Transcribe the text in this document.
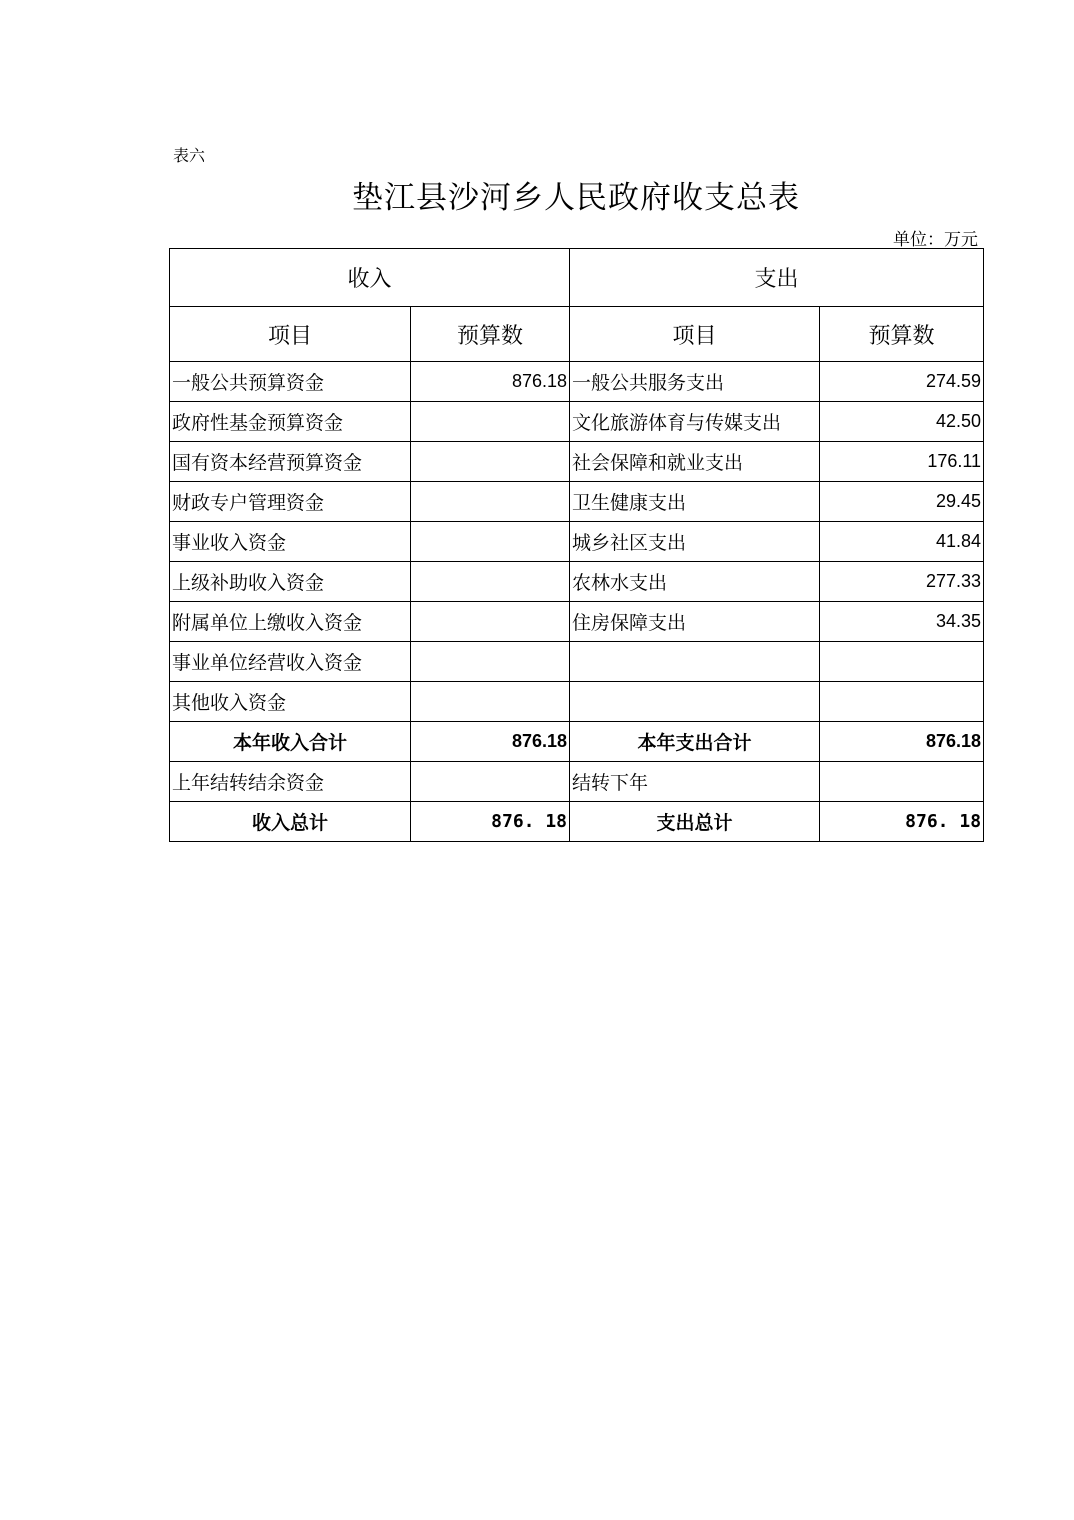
表六
垫江县沙河乡人民政府收支总表
单位：万元
收入		支出	
项目	预算数	项目	预算数
一般公共预算资金	876.18	一般公共服务支出	274.59
政府性基金预算资金		文化旅游体育与传媒支出	42.50
国有资本经营预算资金		社会保障和就业支出	176.11
财政专户管理资金		卫生健康支出	29.45
事业收入资金		城乡社区支出	41.84
上级补助收入资金		农林水支出	277.33
附属单位上缴收入资金		住房保障支出	34.35
事业单位经营收入资金			
其他收入资金			
本年收入合计	876.18	本年支出合计	876.18
上年结转结余资金		结转下年	
收入总计	876. 18	支出总计	876. 18
